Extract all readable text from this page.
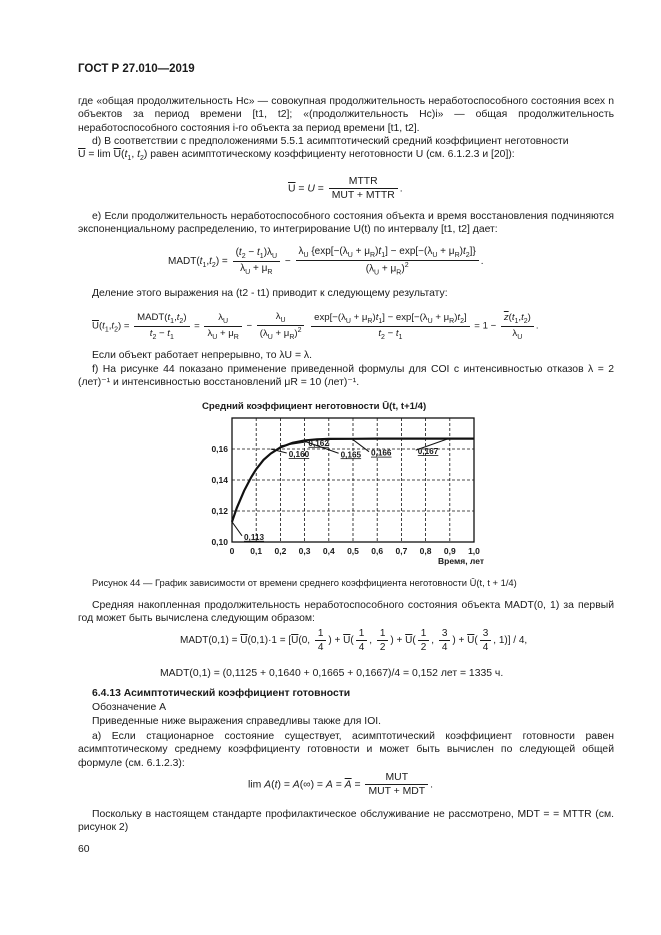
ГОСТ Р 27.010—2019
где «общая продолжительность Нс» — совокупная продолжительность неработоспособного состояния всех n объектов за период времени [t1, t2]; «(продолжительность Нс)i» — общая продолжительность неработоспособного состояния i-го объекта за период времени [t1, t2].
d) В соответствии с предположениями 5.5.1 асимптотический средний коэффициент неготовности
$\overline{U} = \lim \overline{U}(t_1$, $t_2$) равен асимптотическому коэффициенту неготовности U (см. 6.1.2.3 и [20]):
$\overline{U} = U = \frac{\text{MTTR}}{\text{MUT + MTTR}}$ .
e) Если продолжительность неработоспособного состояния объекта и время восстановления подчиняются экспоненциальному распределению, то интегрирование U(t) по интервалу [t1, t2] дает:
$MADT(t_1,t_2) = \frac{(t_2 - t_1)\lambda_U}{\lambda_U + \mu_R} - \frac{\lambda_U \{\exp[-(\lambda_U + \mu_R)t_1] - \exp[-(\lambda_U + \mu_R)t_2]\}}{(\lambda_U + \mu_R)^2}$ .
Деление этого выражения на (t2 - t1) приводит к следующему результату:
$\overline{U}(t_1,t_2) = \frac{MADT(t_1,t_2)}{t_2 - t_1} = \frac{\lambda_U}{\lambda_U + \mu_R} - \frac{\lambda_U}{(\lambda_U + \mu_R)^2}$
$\frac{\exp[-(\lambda_U + \mu_R)t_1] - \exp[-(\lambda_U + \mu_R)t_2]}{t_2 - t_1} = 1 - \frac{\overline{z}(t_1,t_2)}{\lambda_U}$ .
Если объект работает непрерывно, то λU = λ.
f) На рисунке 44 показано применение приведенной формулы для COI с интенсивностью отказов λ = 2 (лет)⁻¹ и интенсивностью восстановлений μR = 10 (лет)⁻¹.
Средний коэффициент неготовности Ū(t, t+1/4)
0 0,1 0,2 0,3 0,4 0,5 0,6 0,7 0,8 0,9 1,0
0,10
0,12
0,14
0,16
0,113
0,160
0,162
0,165 0,166	0,167
Время, лет
Рисунок 44 — График зависимости от времени среднего коэффициента неготовности Ū(t, t + 1/4)
Средняя накопленная продолжительность неработоспособного состояния объекта MADT(0, 1) за первый год может быть вычислена следующим образом:
MADT(0,1) = $\overline{U}(0,1)\cdot 1 = [\overline{U}(0$, $\frac{1}{4}$ ) + $\overline{U}( \frac{1}{4}$ , $\frac{1}{2}$ ) + $\overline{U}( \frac{1}{2}$ , $\frac{3}{4}$ ) + $\overline{U}( \frac{3}{4}$ , 1)] / 4,
MADT(0,1) = (0,1125 + 0,1640 + 0,1665 + 0,1667)/4 = 0,152 лет = 1335 ч.
6.4.13 Асимптотический коэффициент готовности
Обозначение A
Приведенные ниже выражения справедливы также для IOI.
a) Если стационарное состояние существует, асимптотический коэффициент готовности равен асимптотическому среднему коэффициенту готовности и может быть вычислен по следующей общей формуле (см. 6.1.2.3):
$\lim A(t) = A(\infty) = A = \overline{A} = \frac{\text{MUT}}{\text{MUT + MDT}}$ .
Поскольку в настоящем стандарте профилактическое обслуживание не рассмотрено, MDT = = MTTR (см. рисунок 2)
60
